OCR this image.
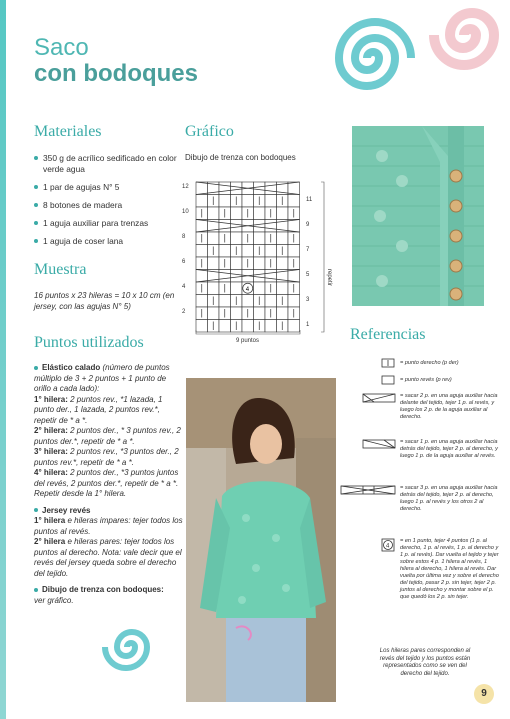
Saco
con bodoques
Materiales
350 g de acrílico sedificado en color verde agua
1 par de agujas N° 5
8 botones de madera
1 aguja auxiliar para trenzas
1 aguja de coser lana
Muestra
16 puntos x 23 hileras = 10 x 10 cm (en jersey, con las agujas N° 5)
Puntos utilizados

Elástico calado (número de puntos múltiplo de 3 + 2 puntos + 1 punto de orillo a cada lado):
1° hilera: 2 puntos rev., *1 lazada, 1 punto der., 1 lazada, 2 puntos rev.*, repetir de * a *.
2° hilera: 2 puntos der., * 3 puntos rev., 2 puntos der.*, repetir de * a *.
3° hilera: 2 puntos rev., *3 puntos der., 2 puntos rev.*, repetir de * a *.
4° hilera: 2 puntos der., *3 puntos juntos del revés, 2 puntos der.*, repetir de * a *. Repetir desde la 1° hilera.

Jersey revés
1° hilera e hileras impares: tejer todos los puntos al revés.
2° hilera e hileras pares: tejer todos los puntos al derecho. Nota: vale decir que el revés del jersey queda sobre el derecho del tejido.

Dibujo de trenza con bodoques:
ver gráfico.

Gráfico
Dibujo de trenza con bodoques
4
12
10
8
6
4
2
11
9
7
5
3
1
9 puntos
repetir
Referencias
= punto derecho (p der)
= punto revés (p rev)
= sacar 2 p. en una aguja auxiliar hacia delante del tejido, tejer 1 p. al revés, y luego los 2 p. de la aguja auxiliar al derecho.
= sacar 1 p. en una aguja auxiliar hacia detrás del tejido, tejer 2 p. al derecho, y luego 1 p. de la aguja auxiliar al revés.
= sacar 3 p. en una aguja auxiliar hacia detrás del tejido, tejer 2 p. al derecho, luego 1 p. al revés y los otros 2 al derecho.
4
= en 1 punto, tejer 4 puntos (1 p. al derecho, 1 p. al revés, 1 p. al derecho y 1 p. al revés). Dar vuelta el tejido y tejer sobre estos 4 p. 1 hilera al revés, 1 hilera al derecho, 1 hilera al revés. Dar vuelta por última vez y sobre el derecho del tejido, pasar 2 p. sin tejer, tejer 2 p. juntos al derecho y montar sobre el p. que quedó los 2 p. sin tejer.
Los hileras pares corresponden al revés del tejido y los puntos están representados como se ven del derecho del tejido.
9
